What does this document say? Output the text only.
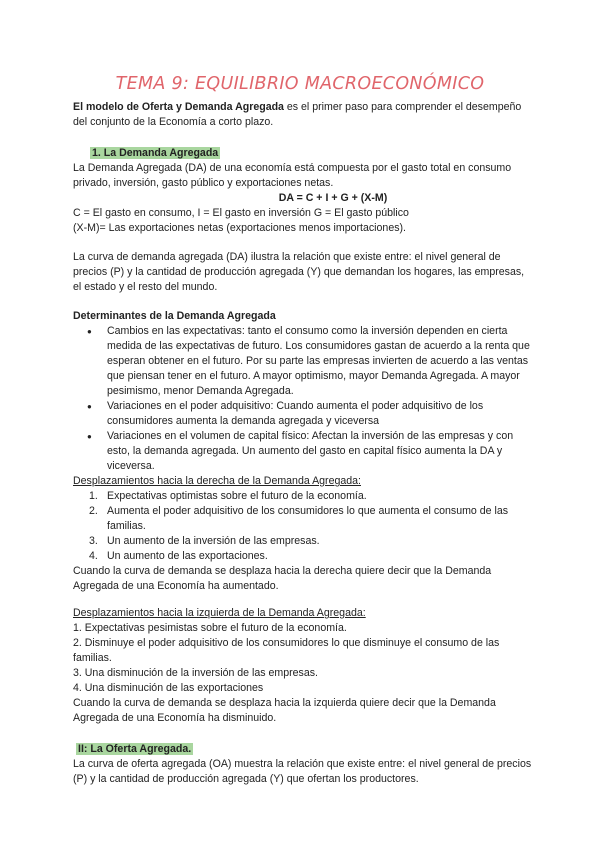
TEMA 9: EQUILIBRIO MACROECONÓMICO

El modelo de Oferta y Demanda Agregada es el primer paso para comprender el desempeño del conjunto de la Economía a corto plazo.

1. La Demanda Agregada

La Demanda Agregada (DA) de una economía está compuesta por el gasto total en consumo privado, inversión, gasto público y exportaciones netas.

DA = C + I + G + (X-M)

C = El gasto en consumo, I = El gasto en inversión G = El gasto público

(X-M)= Las exportaciones netas (exportaciones menos importaciones).

La curva de demanda agregada (DA) ilustra la relación que existe entre: el nivel general de precios (P) y la cantidad de producción agregada (Y) que demandan los hogares, las empresas, el estado y el resto del mundo.

Determinantes de la Demanda Agregada

● Cambios en las expectativas: tanto el consumo como la inversión dependen en cierta medida de las expectativas de futuro. Los consumidores gastan de acuerdo a la renta que esperan obtener en el futuro. Por su parte las empresas invierten de acuerdo a las ventas que piensan tener en el futuro. A mayor optimismo, mayor Demanda Agregada. A mayor pesimismo, menor Demanda Agregada.
● Variaciones en el poder adquisitivo: Cuando aumenta el poder adquisitivo de los consumidores aumenta la demanda agregada y viceversa
● Variaciones en el volumen de capital físico: Afectan la inversión de las empresas y con esto, la demanda agregada. Un aumento del gasto en capital físico aumenta la DA y viceversa.

Desplazamientos hacia la derecha de la Demanda Agregada:

1. Expectativas optimistas sobre el futuro de la economía.
2. Aumenta el poder adquisitivo de los consumidores lo que aumenta el consumo de las familias.
3. Un aumento de la inversión de las empresas.
4. Un aumento de las exportaciones.

Cuando la curva de demanda se desplaza hacia la derecha quiere decir que la Demanda Agregada de una Economía ha aumentado.

Desplazamientos hacia la izquierda de la Demanda Agregada:

1. Expectativas pesimistas sobre el futuro de la economía.

2. Disminuye el poder adquisitivo de los consumidores lo que disminuye el consumo de las familias.

3. Una disminución de la inversión de las empresas.

4. Una disminución de las exportaciones

Cuando la curva de demanda se desplaza hacia la izquierda quiere decir que la Demanda Agregada de una Economía ha disminuido.

II: La Oferta Agregada.

La curva de oferta agregada (OA) muestra la relación que existe entre: el nivel general de precios (P) y la cantidad de producción agregada (Y) que ofertan los productores.
